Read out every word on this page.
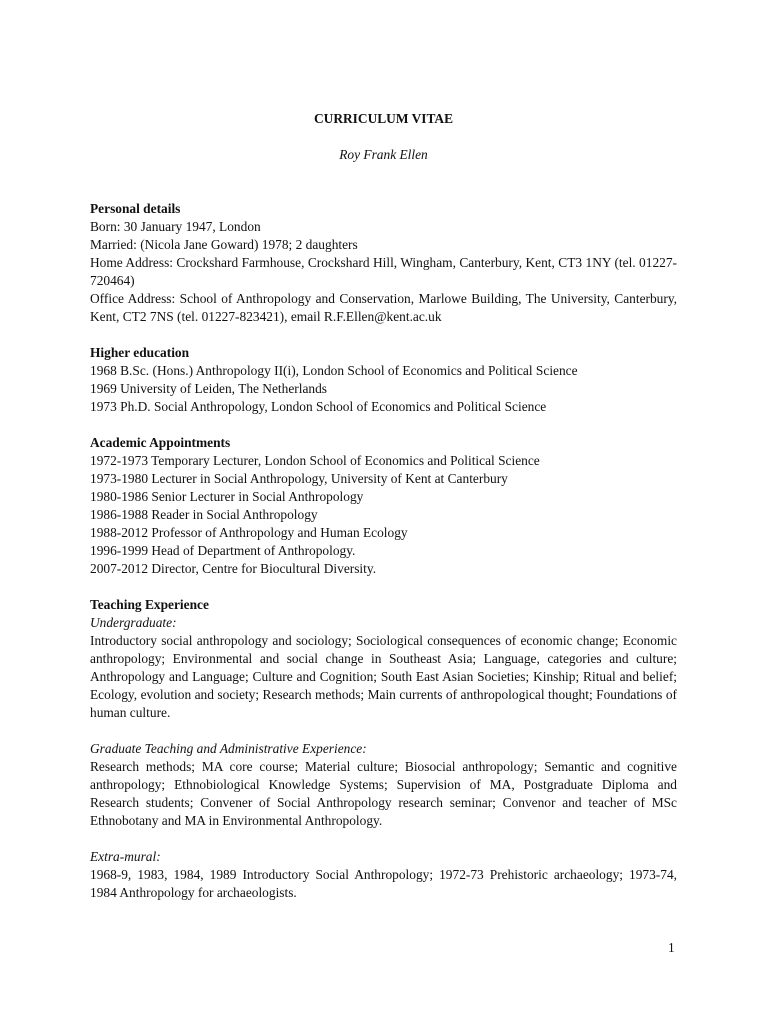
CURRICULUM VITAE

Roy Frank Ellen

Personal details

Born: 30 January 1947, London

Married: (Nicola Jane Goward) 1978; 2 daughters

Home Address: Crockshard Farmhouse, Crockshard Hill, Wingham, Canterbury, Kent, CT3 1NY (tel. 01227-720464)

Office Address: School of Anthropology and Conservation, Marlowe Building, The University, Canterbury, Kent, CT2 7NS (tel. 01227-823421), email R.F.Ellen@kent.ac.uk

Higher education

1968 B.Sc. (Hons.) Anthropology II(i), London School of Economics and Political Science

1969 University of Leiden, The Netherlands

1973 Ph.D. Social Anthropology, London School of Economics and Political Science

Academic Appointments

1972-1973 Temporary Lecturer, London School of Economics and Political Science

1973-1980 Lecturer in Social Anthropology, University of Kent at Canterbury

1980-1986 Senior Lecturer in Social Anthropology

1986-1988 Reader in Social Anthropology

1988-2012 Professor of Anthropology and Human Ecology

1996-1999 Head of Department of Anthropology.

2007-2012 Director, Centre for Biocultural Diversity.

Teaching Experience

Undergraduate:

Introductory social anthropology and sociology; Sociological consequences of economic change; Economic anthropology; Environmental and social change in Southeast Asia; Language, categories and culture; Anthropology and Language; Culture and Cognition; South East Asian Societies; Kinship; Ritual and belief; Ecology, evolution and society; Research methods; Main currents of anthropological thought; Foundations of human culture.

Graduate Teaching and Administrative Experience:

Research methods; MA core course; Material culture; Biosocial anthropology; Semantic and cognitive anthropology; Ethnobiological Knowledge Systems; Supervision of MA, Postgraduate Diploma and Research students; Convener of Social Anthropology research seminar; Convenor and teacher of MSc Ethnobotany and MA in Environmental Anthropology.

Extra-mural:

1968-9, 1983, 1984, 1989 Introductory Social Anthropology; 1972-73 Prehistoric archaeology; 1973-74, 1984 Anthropology for archaeologists.

1
